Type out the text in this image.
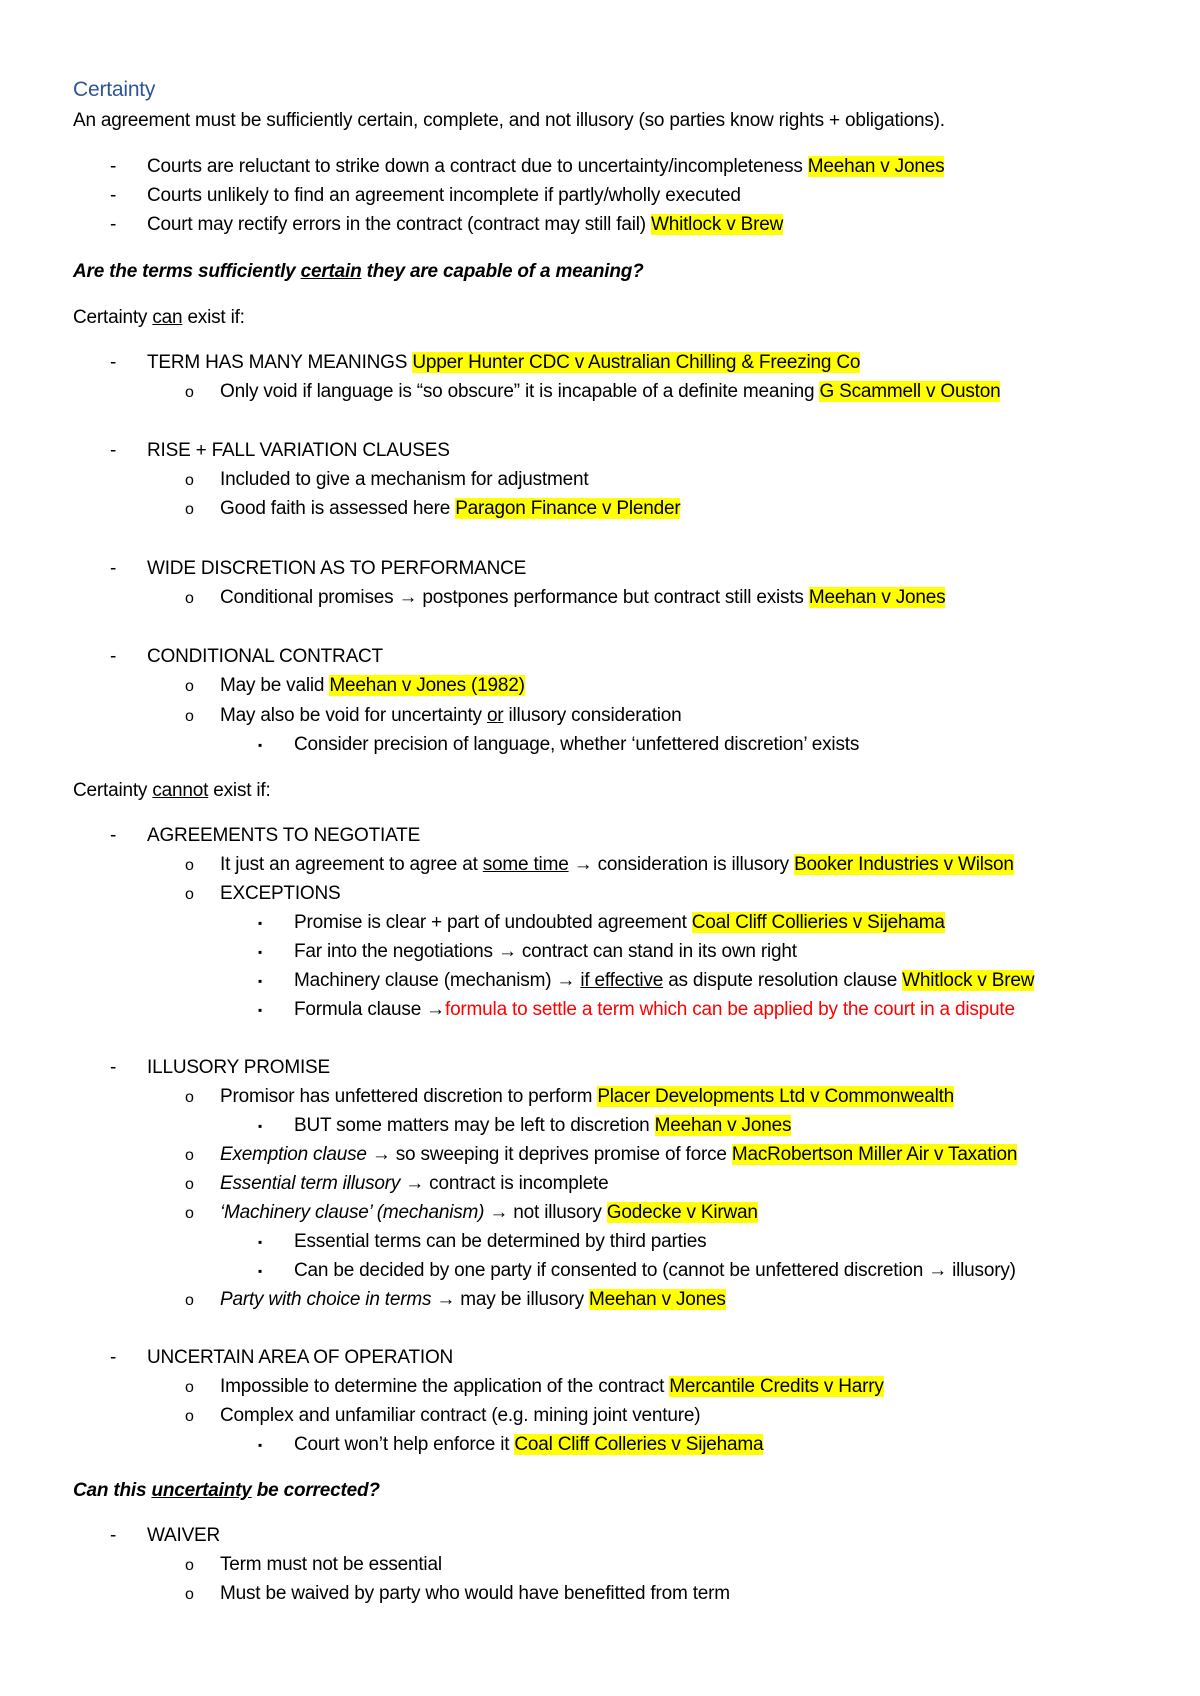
Certainty
An agreement must be sufficiently certain, complete, and not illusory (so parties know rights + obligations).
- Courts are reluctant to strike down a contract due to uncertainty/incompleteness Meehan v Jones
- Courts unlikely to find an agreement incomplete if partly/wholly executed
- Court may rectify errors in the contract (contract may still fail) Whitlock v Brew
Are the terms sufficiently certain they are capable of a meaning?
Certainty can exist if:
- TERM HAS MANY MEANINGS Upper Hunter CDC v Australian Chilling & Freezing Co
o Only void if language is “so obscure” it is incapable of a definite meaning G Scammell v Ouston
- RISE + FALL VARIATION CLAUSES
o Included to give a mechanism for adjustment
o Good faith is assessed here Paragon Finance v Plender
- WIDE DISCRETION AS TO PERFORMANCE
o Conditional promises → postpones performance but contract still exists Meehan v Jones
- CONDITIONAL CONTRACT
o May be valid Meehan v Jones (1982)
o May also be void for uncertainty or illusory consideration
▪ Consider precision of language, whether ‘unfettered discretion’ exists
Certainty cannot exist if:
- AGREEMENTS TO NEGOTIATE
o It just an agreement to agree at some time → consideration is illusory Booker Industries v Wilson
o EXCEPTIONS
▪ Promise is clear + part of undoubted agreement Coal Cliff Collieries v Sijehama
▪ Far into the negotiations → contract can stand in its own right
▪ Machinery clause (mechanism) → if effective as dispute resolution clause Whitlock v Brew
▪ Formula clause →formula to settle a term which can be applied by the court in a dispute
- ILLUSORY PROMISE
o Promisor has unfettered discretion to perform Placer Developments Ltd v Commonwealth
▪ BUT some matters may be left to discretion Meehan v Jones
o Exemption clause → so sweeping it deprives promise of force MacRobertson Miller Air v Taxation
o Essential term illusory → contract is incomplete
o ‘Machinery clause’ (mechanism) → not illusory Godecke v Kirwan
▪ Essential terms can be determined by third parties
▪ Can be decided by one party if consented to (cannot be unfettered discretion → illusory)
o Party with choice in terms → may be illusory Meehan v Jones
- UNCERTAIN AREA OF OPERATION
o Impossible to determine the application of the contract Mercantile Credits v Harry
o Complex and unfamiliar contract (e.g. mining joint venture)
▪ Court won’t help enforce it Coal Cliff Colleries v Sijehama
Can this uncertainty be corrected?
- WAIVER
o Term must not be essential
o Must be waived by party who would have benefitted from term
